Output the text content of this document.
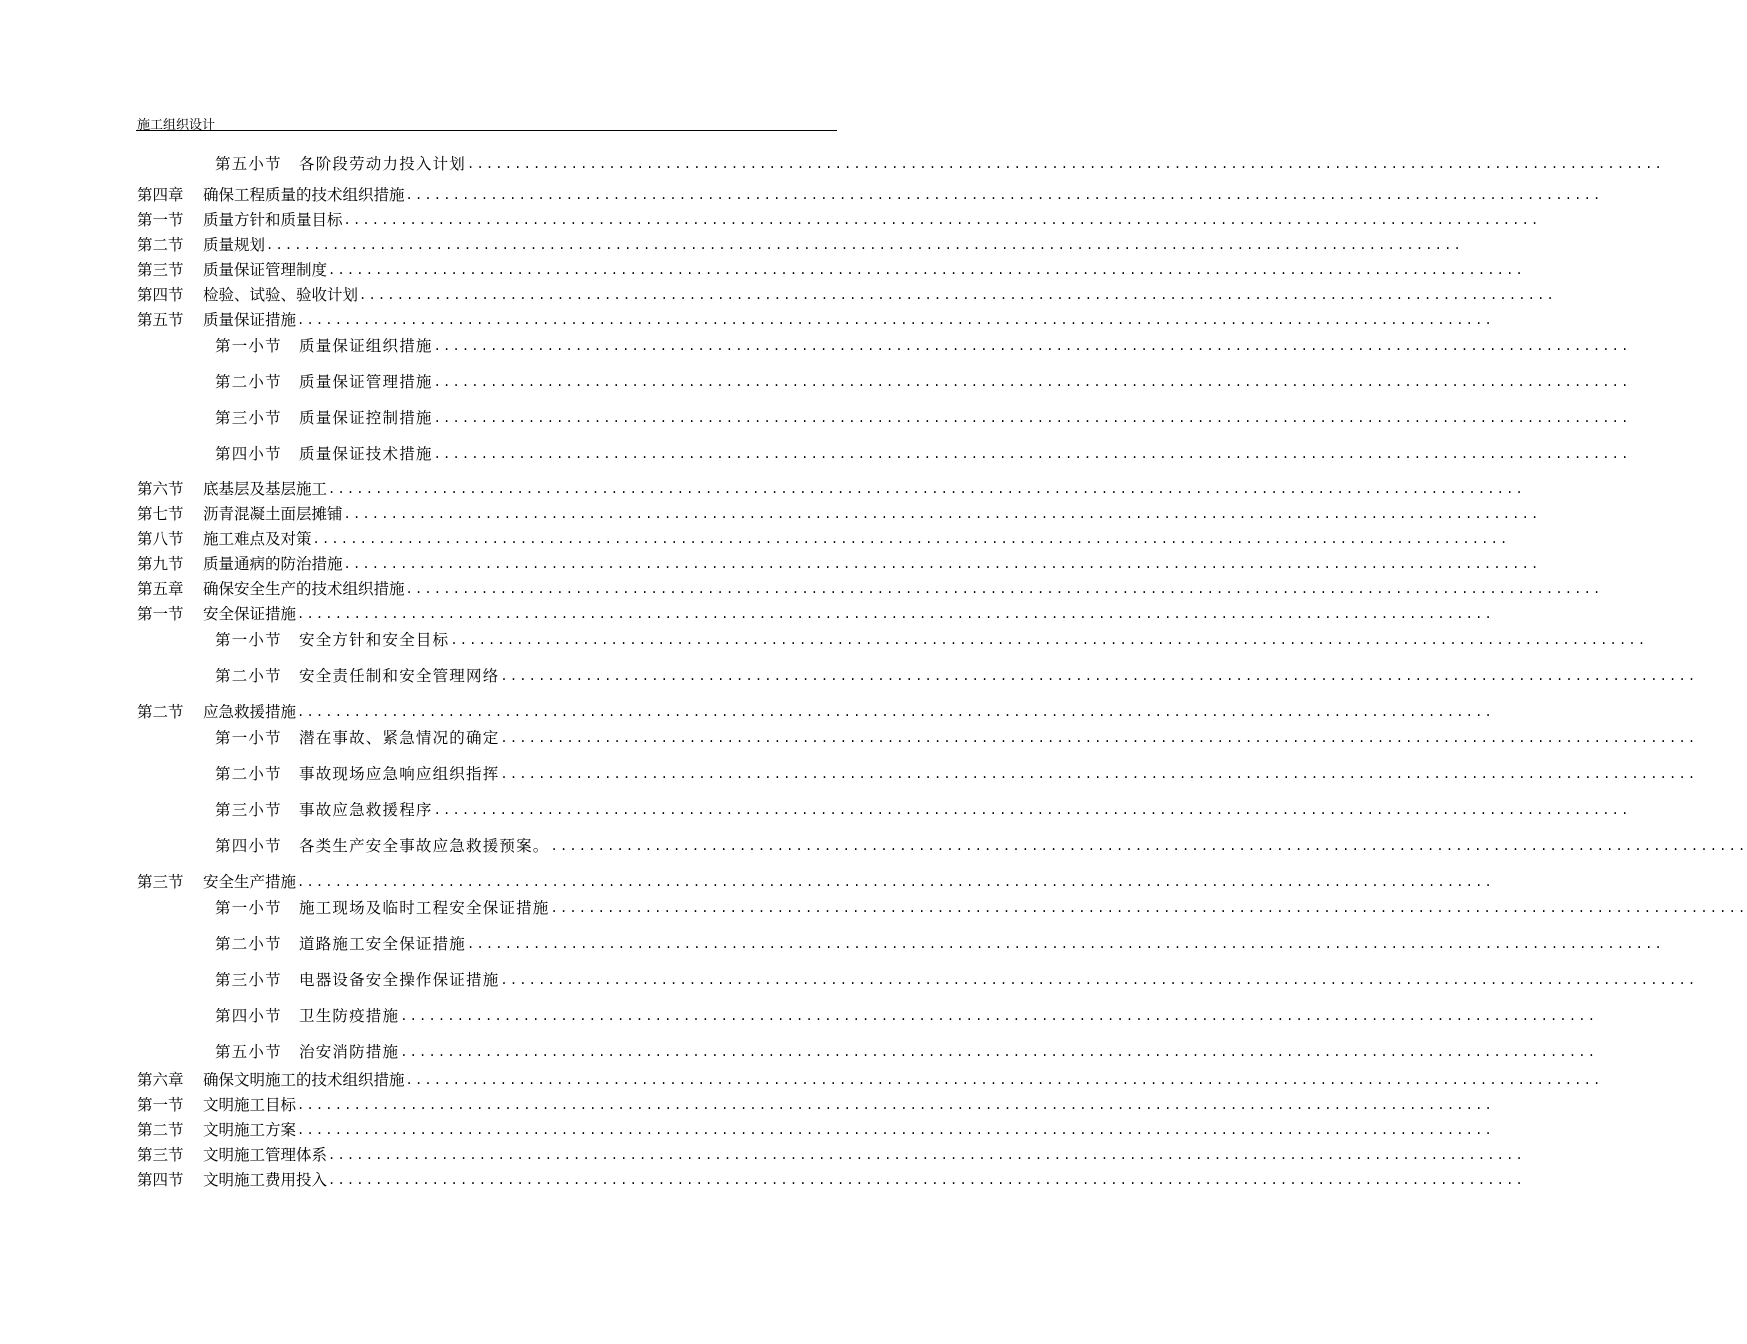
施工组织设计
第五小节	各阶段劳动力投入计划 ...............................................................................................................................
第四章	确保工程质量的技术组织措施 ...............................................................................................................................
第一节	质量方针和质量目标 ...............................................................................................................................
第二节	质量规划 ...............................................................................................................................
第三节	质量保证管理制度 ...............................................................................................................................
第四节	检验、试验、验收计划 ...............................................................................................................................
第五节	质量保证措施 ...............................................................................................................................
第一小节	质量保证组织措施 ...............................................................................................................................
第二小节	质量保证管理措施 ...............................................................................................................................
第三小节	质量保证控制措施 ...............................................................................................................................
第四小节	质量保证技术措施 ...............................................................................................................................
第六节	底基层及基层施工 ...............................................................................................................................
第七节	沥青混凝土面层摊铺 ...............................................................................................................................
第八节	施工难点及对策 ...............................................................................................................................
第九节	质量通病的防治措施 ...............................................................................................................................
第五章	确保安全生产的技术组织措施 ...............................................................................................................................
第一节	安全保证措施 ...............................................................................................................................
第一小节	安全方针和安全目标 ...............................................................................................................................
第二小节	安全责任制和安全管理网络 ...............................................................................................................................
第二节	应急救援措施 ...............................................................................................................................
第一小节	潜在事故、紧急情况的确定 ...............................................................................................................................
第二小节	事故现场应急响应组织指挥 ...............................................................................................................................
第三小节	事故应急救援程序 ...............................................................................................................................
第四小节	各类生产安全事故应急救援预案。 ...............................................................................................................................
第三节	安全生产措施 ...............................................................................................................................
第一小节	施工现场及临时工程安全保证措施 ...............................................................................................................................
第二小节	道路施工安全保证措施 ...............................................................................................................................
第三小节	电器设备安全操作保证措施 ...............................................................................................................................
第四小节	卫生防疫措施 ...............................................................................................................................
第五小节	治安消防措施 ...............................................................................................................................
第六章	确保文明施工的技术组织措施 ...............................................................................................................................
第一节	文明施工目标 ...............................................................................................................................
第二节	文明施工方案 ...............................................................................................................................
第三节	文明施工管理体系 ...............................................................................................................................
第四节	文明施工费用投入 ...............................................................................................................................
